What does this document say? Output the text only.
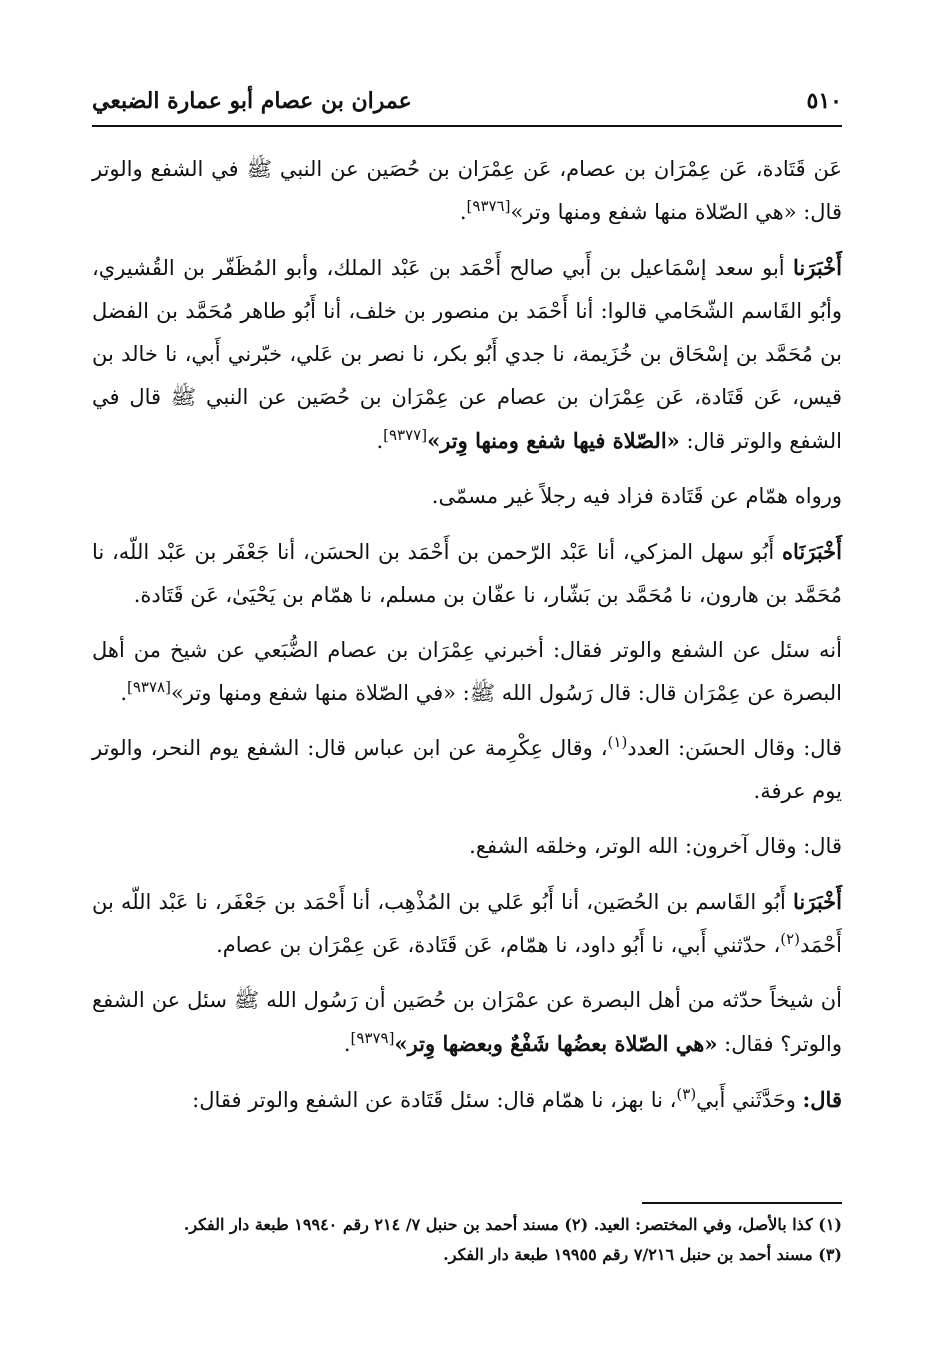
٥١٠
عمران بن عصام أبو عمارة الضبعي

عَن قَتَادة، عَن عِمْرَان بن عصام، عَن عِمْرَان بن حُصَين عن النبي ﷺ في الشفع والوتر قال: «هي الصّلاة منها شفع ومنها وتر»[٩٣٧٦].

أَخْبَرَنا أبو سعد إسْمَاعيل بن أَبي صالح أَحْمَد بن عَبْد الملك، وأبو المُظَفّر بن القُشيري، وأبُو القَاسم الشّحَامي قالوا: أنا أَحْمَد بن منصور بن خلف، أنا أَبُو طاهر مُحَمَّد بن الفضل بن مُحَمَّد بن إسْحَاق بن خُزَيمة، نا جدي أَبُو بكر، نا نصر بن عَلي، خبّرني أَبي، نا خالد بن قيس، عَن قَتَادة، عَن عِمْرَان بن عصام عن عِمْرَان بن حُصَين عن النبي ﷺ قال في الشفع والوتر قال: «الصّلاة فيها شفع ومنها وِتر»[٩٣٧٧].

ورواه همّام عن قَتَادة فزاد فيه رجلاً غير مسمّى.

أَخْبَرَنَاه أَبُو سهل المزكي، أنا عَبْد الرّحمن بن أَحْمَد بن الحسَن، أنا جَعْفَر بن عَبْد اللّه، نا مُحَمَّد بن هارون، نا مُحَمَّد بن بَشّار، نا عفّان بن مسلم، نا همّام بن يَحْيَىٰ، عَن قَتَادة.

أنه سئل عن الشفع والوتر فقال: أخبرني عِمْرَان بن عصام الضُّبَعي عن شيخ من أهل البصرة عن عِمْرَان قال: قال رَسُول الله ﷺ: «في الصّلاة منها شفع ومنها وتر»[٩٣٧٨].

قال: وقال الحسَن: العدد$^{(١)}$، وقال عِكْرِمة عن ابن عباس قال: الشفع يوم النحر، والوتر يوم عرفة.

قال: وقال آخرون: الله الوتر، وخلقه الشفع.

أَخْبَرَنا أَبُو القَاسم بن الحُصَين، أنا أَبُو عَلي بن المُذْهِب، أنا أَحْمَد بن جَعْفَر، نا عَبْد اللّه بن أَحْمَد$^{(٢)}$، حدّثني أَبي، نا أَبُو داود، نا همّام، عَن قَتَادة، عَن عِمْرَان بن عصام.

أن شيخاً حدّثه من أهل البصرة عن عمْرَان بن حُصَين أن رَسُول الله ﷺ سئل عن الشفع والوتر؟ فقال: «هي الصّلاة بعضُها شَفْعٌ وبعضها وِتر»[٩٣٧٩].

قال: وحَدَّثَني أَبي$^{(٣)}$، نا بهز، نا همّام قال: سئل قَتَادة عن الشفع والوتر فقال:

(١) كذا بالأصل، وفي المختصر: العيد. (٢) مسند أحمد بن حنبل ٧/ ٢١٤ رقم ١٩٩٤٠ طبعة دار الفكر.
(٣) مسند أحمد بن حنبل ٧/٢١٦ رقم ١٩٩٥٥ طبعة دار الفكر.
